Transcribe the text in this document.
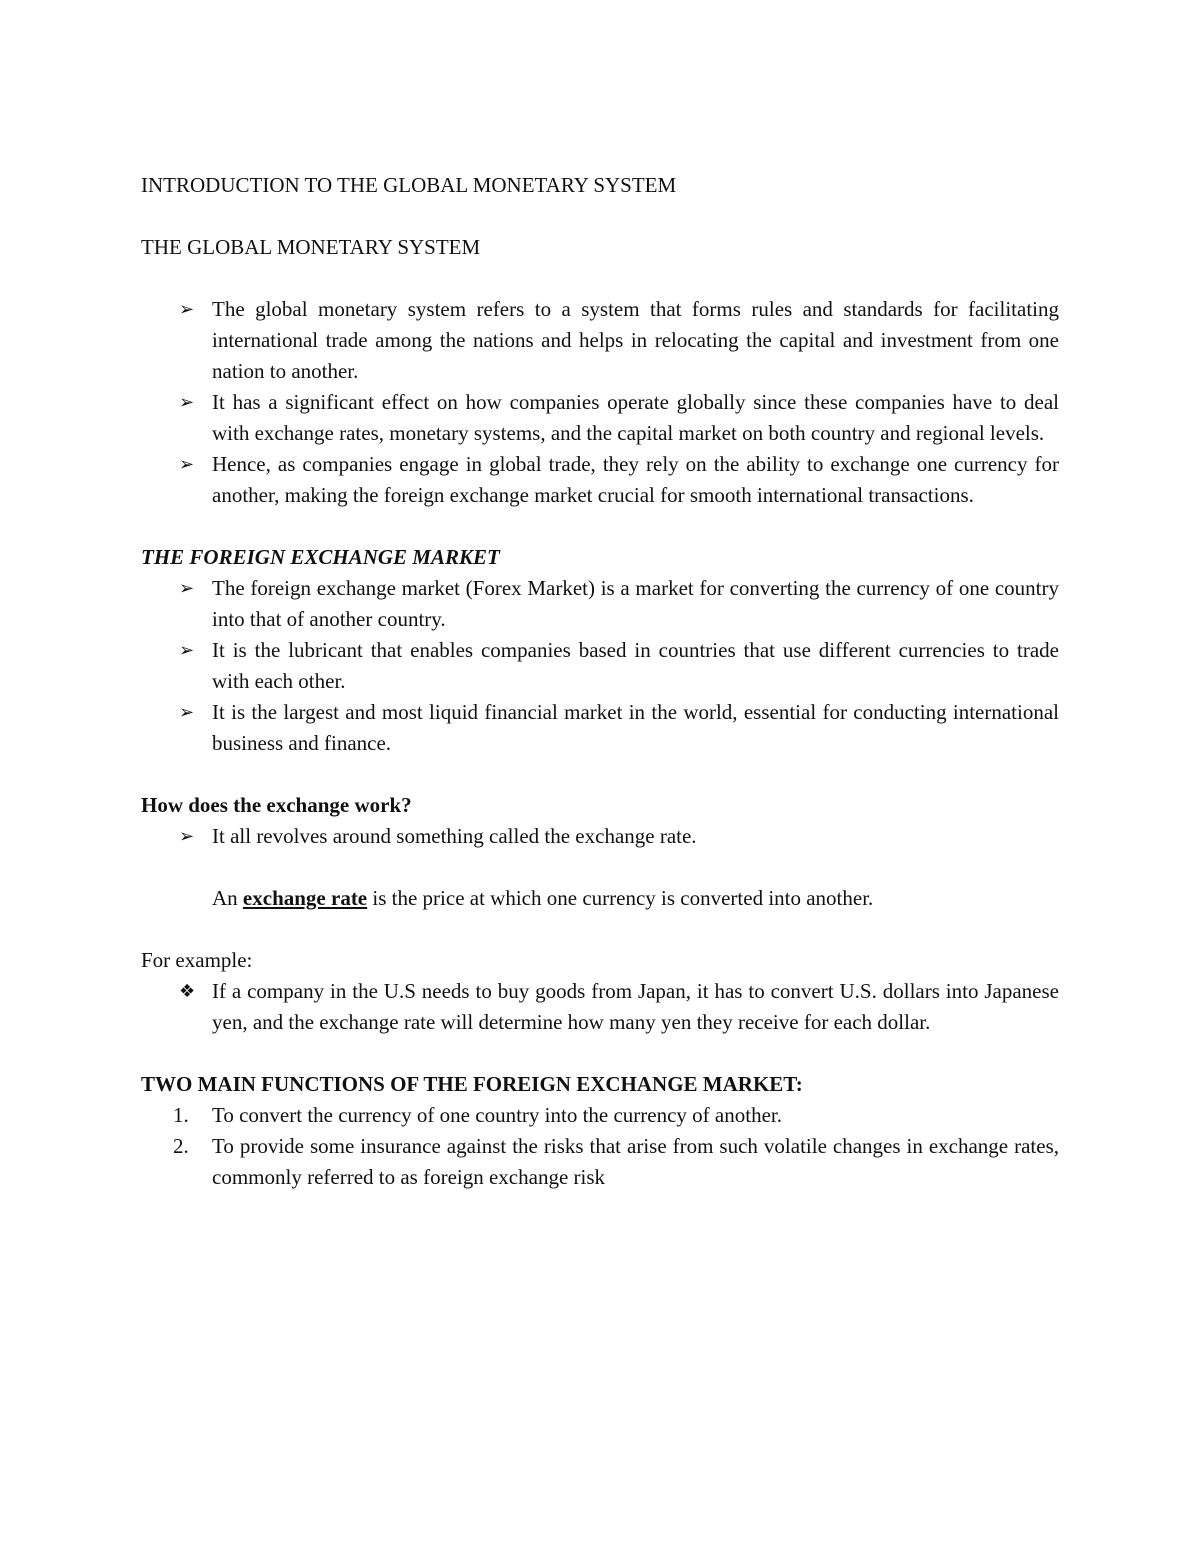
INTRODUCTION TO THE GLOBAL MONETARY SYSTEM
THE GLOBAL MONETARY SYSTEM
➢ The global monetary system refers to a system that forms rules and standards for facilitating international trade among the nations and helps in relocating the capital and investment from one nation to another.
➢ It has a significant effect on how companies operate globally since these companies have to deal with exchange rates, monetary systems, and the capital market on both country and regional levels.
➢ Hence, as companies engage in global trade, they rely on the ability to exchange one currency for another, making the foreign exchange market crucial for smooth international transactions.
THE FOREIGN EXCHANGE MARKET
➢ The foreign exchange market (Forex Market) is a market for converting the currency of one country into that of another country.
➢ It is the lubricant that enables companies based in countries that use different currencies to trade with each other.
➢ It is the largest and most liquid financial market in the world, essential for conducting international business and finance.
How does the exchange work?
➢ It all revolves around something called the exchange rate.
An exchange rate is the price at which one currency is converted into another.
For example:
❖ If a company in the U.S needs to buy goods from Japan, it has to convert U.S. dollars into Japanese yen, and the exchange rate will determine how many yen they receive for each dollar.
TWO MAIN FUNCTIONS OF THE FOREIGN EXCHANGE MARKET:
1.	To convert the currency of one country into the currency of another.
2.	To provide some insurance against the risks that arise from such volatile changes in exchange rates, commonly referred to as foreign exchange risk
